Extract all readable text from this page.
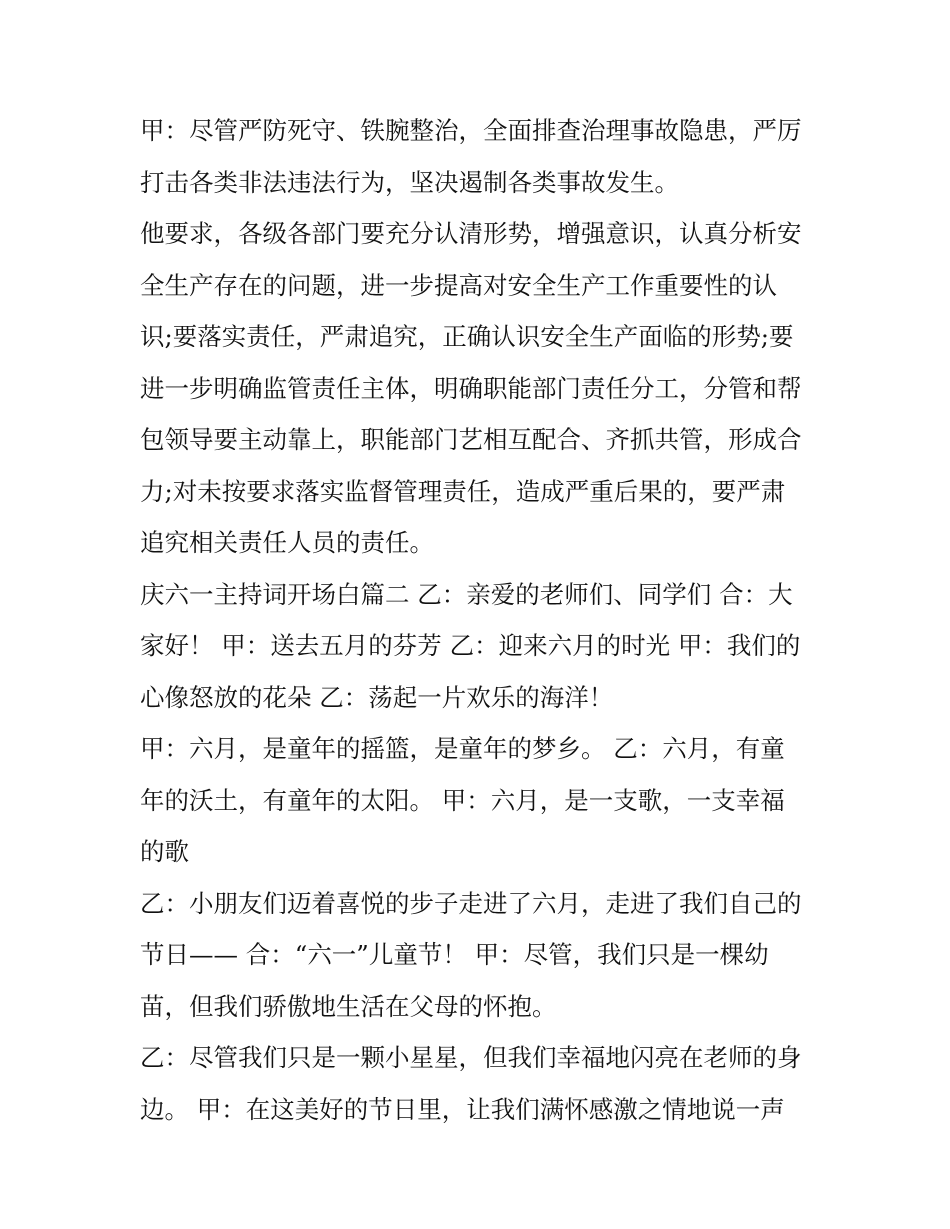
甲：尽管严防死守、铁腕整治，全面排查治理事故隐患，严厉

打击各类非法违法行为，坚决遏制各类事故发生。

他要求，各级各部门要充分认清形势，增强意识，认真分析安

全生产存在的问题，进一步提高对安全生产工作重要性的认

识;要落实责任，严肃追究，正确认识安全生产面临的形势;要

进一步明确监管责任主体，明确职能部门责任分工，分管和帮

包领导要主动靠上，职能部门艺相互配合、齐抓共管，形成合

力;对未按要求落实监督管理责任，造成严重后果的，要严肃

追究相关责任人员的责任。

庆六一主持词开场白篇二 乙：亲爱的老师们、同学们 合：大

家好！ 甲：送去五月的芬芳 乙：迎来六月的时光 甲：我们的

心像怒放的花朵 乙：荡起一片欢乐的海洋！

甲：六月，是童年的摇篮，是童年的梦乡。 乙：六月，有童

年的沃土，有童年的太阳。 甲：六月，是一支歌，一支幸福

的歌

乙：小朋友们迈着喜悦的步子走进了六月，走进了我们自己的

节日—— 合：“六一”儿童节！ 甲：尽管，我们只是一棵幼

苗，但我们骄傲地生活在父母的怀抱。

乙：尽管我们只是一颗小星星，但我们幸福地闪亮在老师的身

边。 甲：在这美好的节日里，让我们满怀感激之情地说一声
